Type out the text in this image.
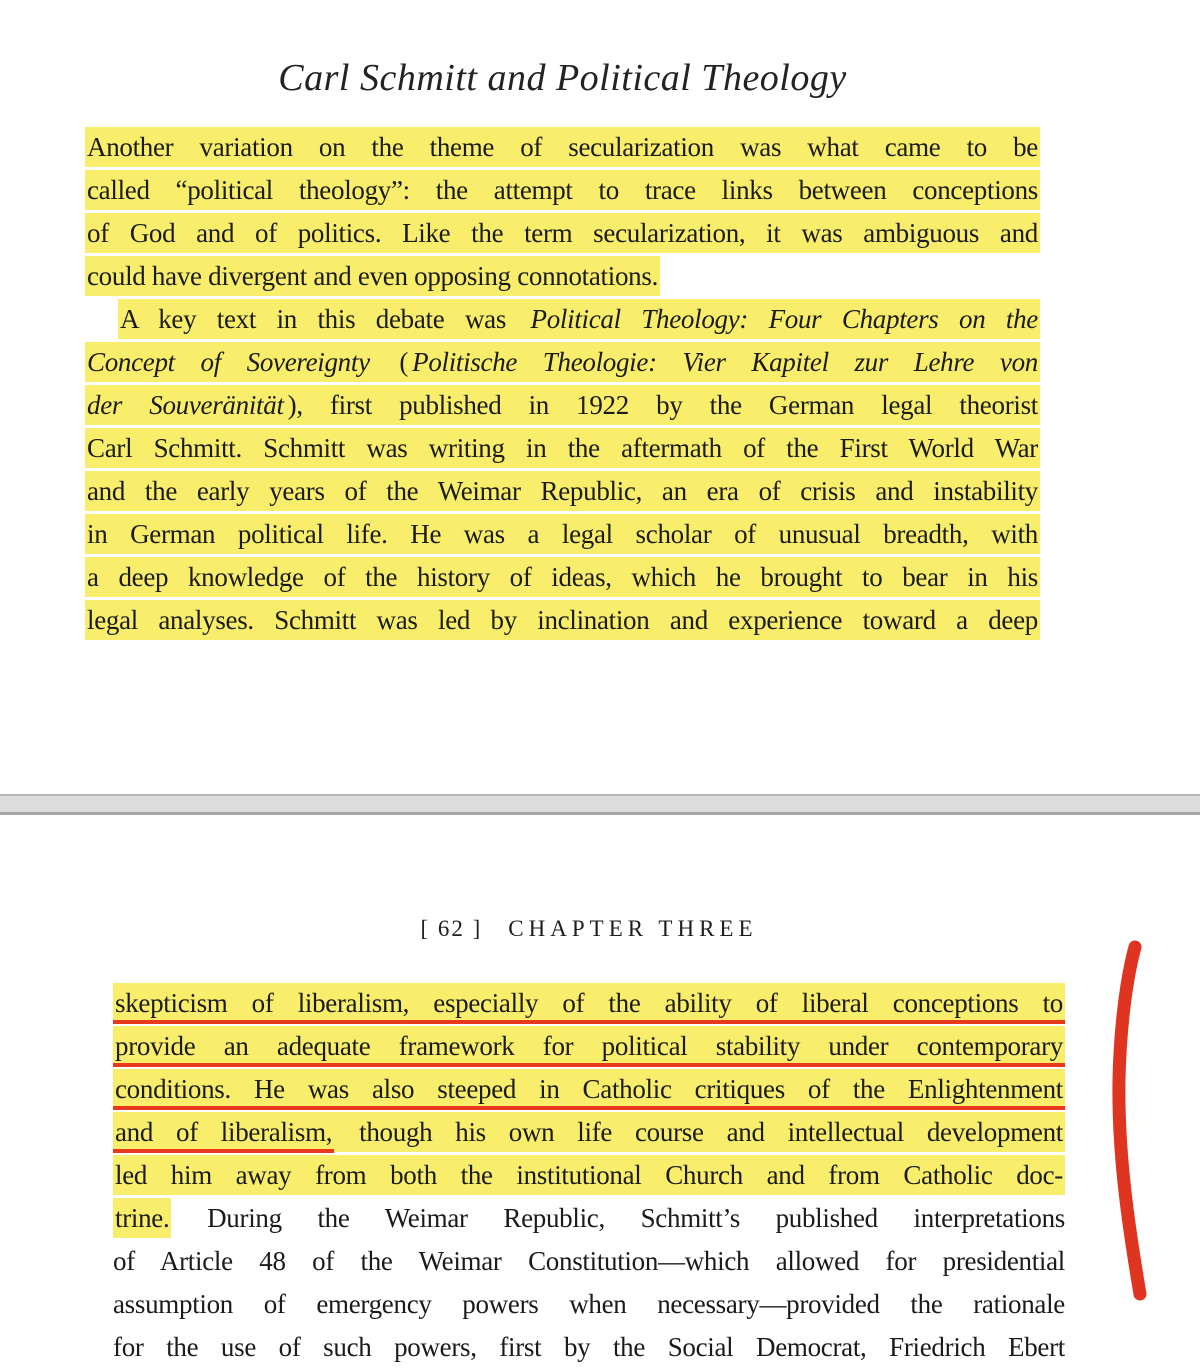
Carl Schmitt and Political Theology
Another variation on the theme of secularization was what came to be
called “political theology”: the attempt to trace links between conceptions
of God and of politics. Like the term secularization, it was ambiguous and
could have divergent and even opposing connotations.
A key text in this debate was Political Theology: Four Chapters on the
Concept of Sovereignty ( Politische Theologie: Vier Kapitel zur Lehre von
der Souveränität ), first published in 1922 by the German legal theorist
Carl Schmitt. Schmitt was writing in the aftermath of the First World War
and the early years of the Weimar Republic, an era of crisis and instability
in German political life. He was a legal scholar of unusual breadth, with
a deep knowledge of the history of ideas, which he brought to bear in his
legal analyses. Schmitt was led by inclination and experience toward a deep
[ 62 ] CHAPTER THREE
skepticism of liberalism, especially of the ability of liberal conceptions to
provide an adequate framework for political stability under contemporary
conditions. He was also steeped in Catholic critiques of the Enlightenment
and of liberalism, though his own life course and intellectual development
led him away from both the institutional Church and from Catholic doc-
trine. During the Weimar Republic, Schmitt’s published interpretations
of Article 48 of the Weimar Constitution—which allowed for presidential
assumption of emergency powers when necessary—provided the rationale
for the use of such powers, first by the Social Democrat, Friedrich Ebert
